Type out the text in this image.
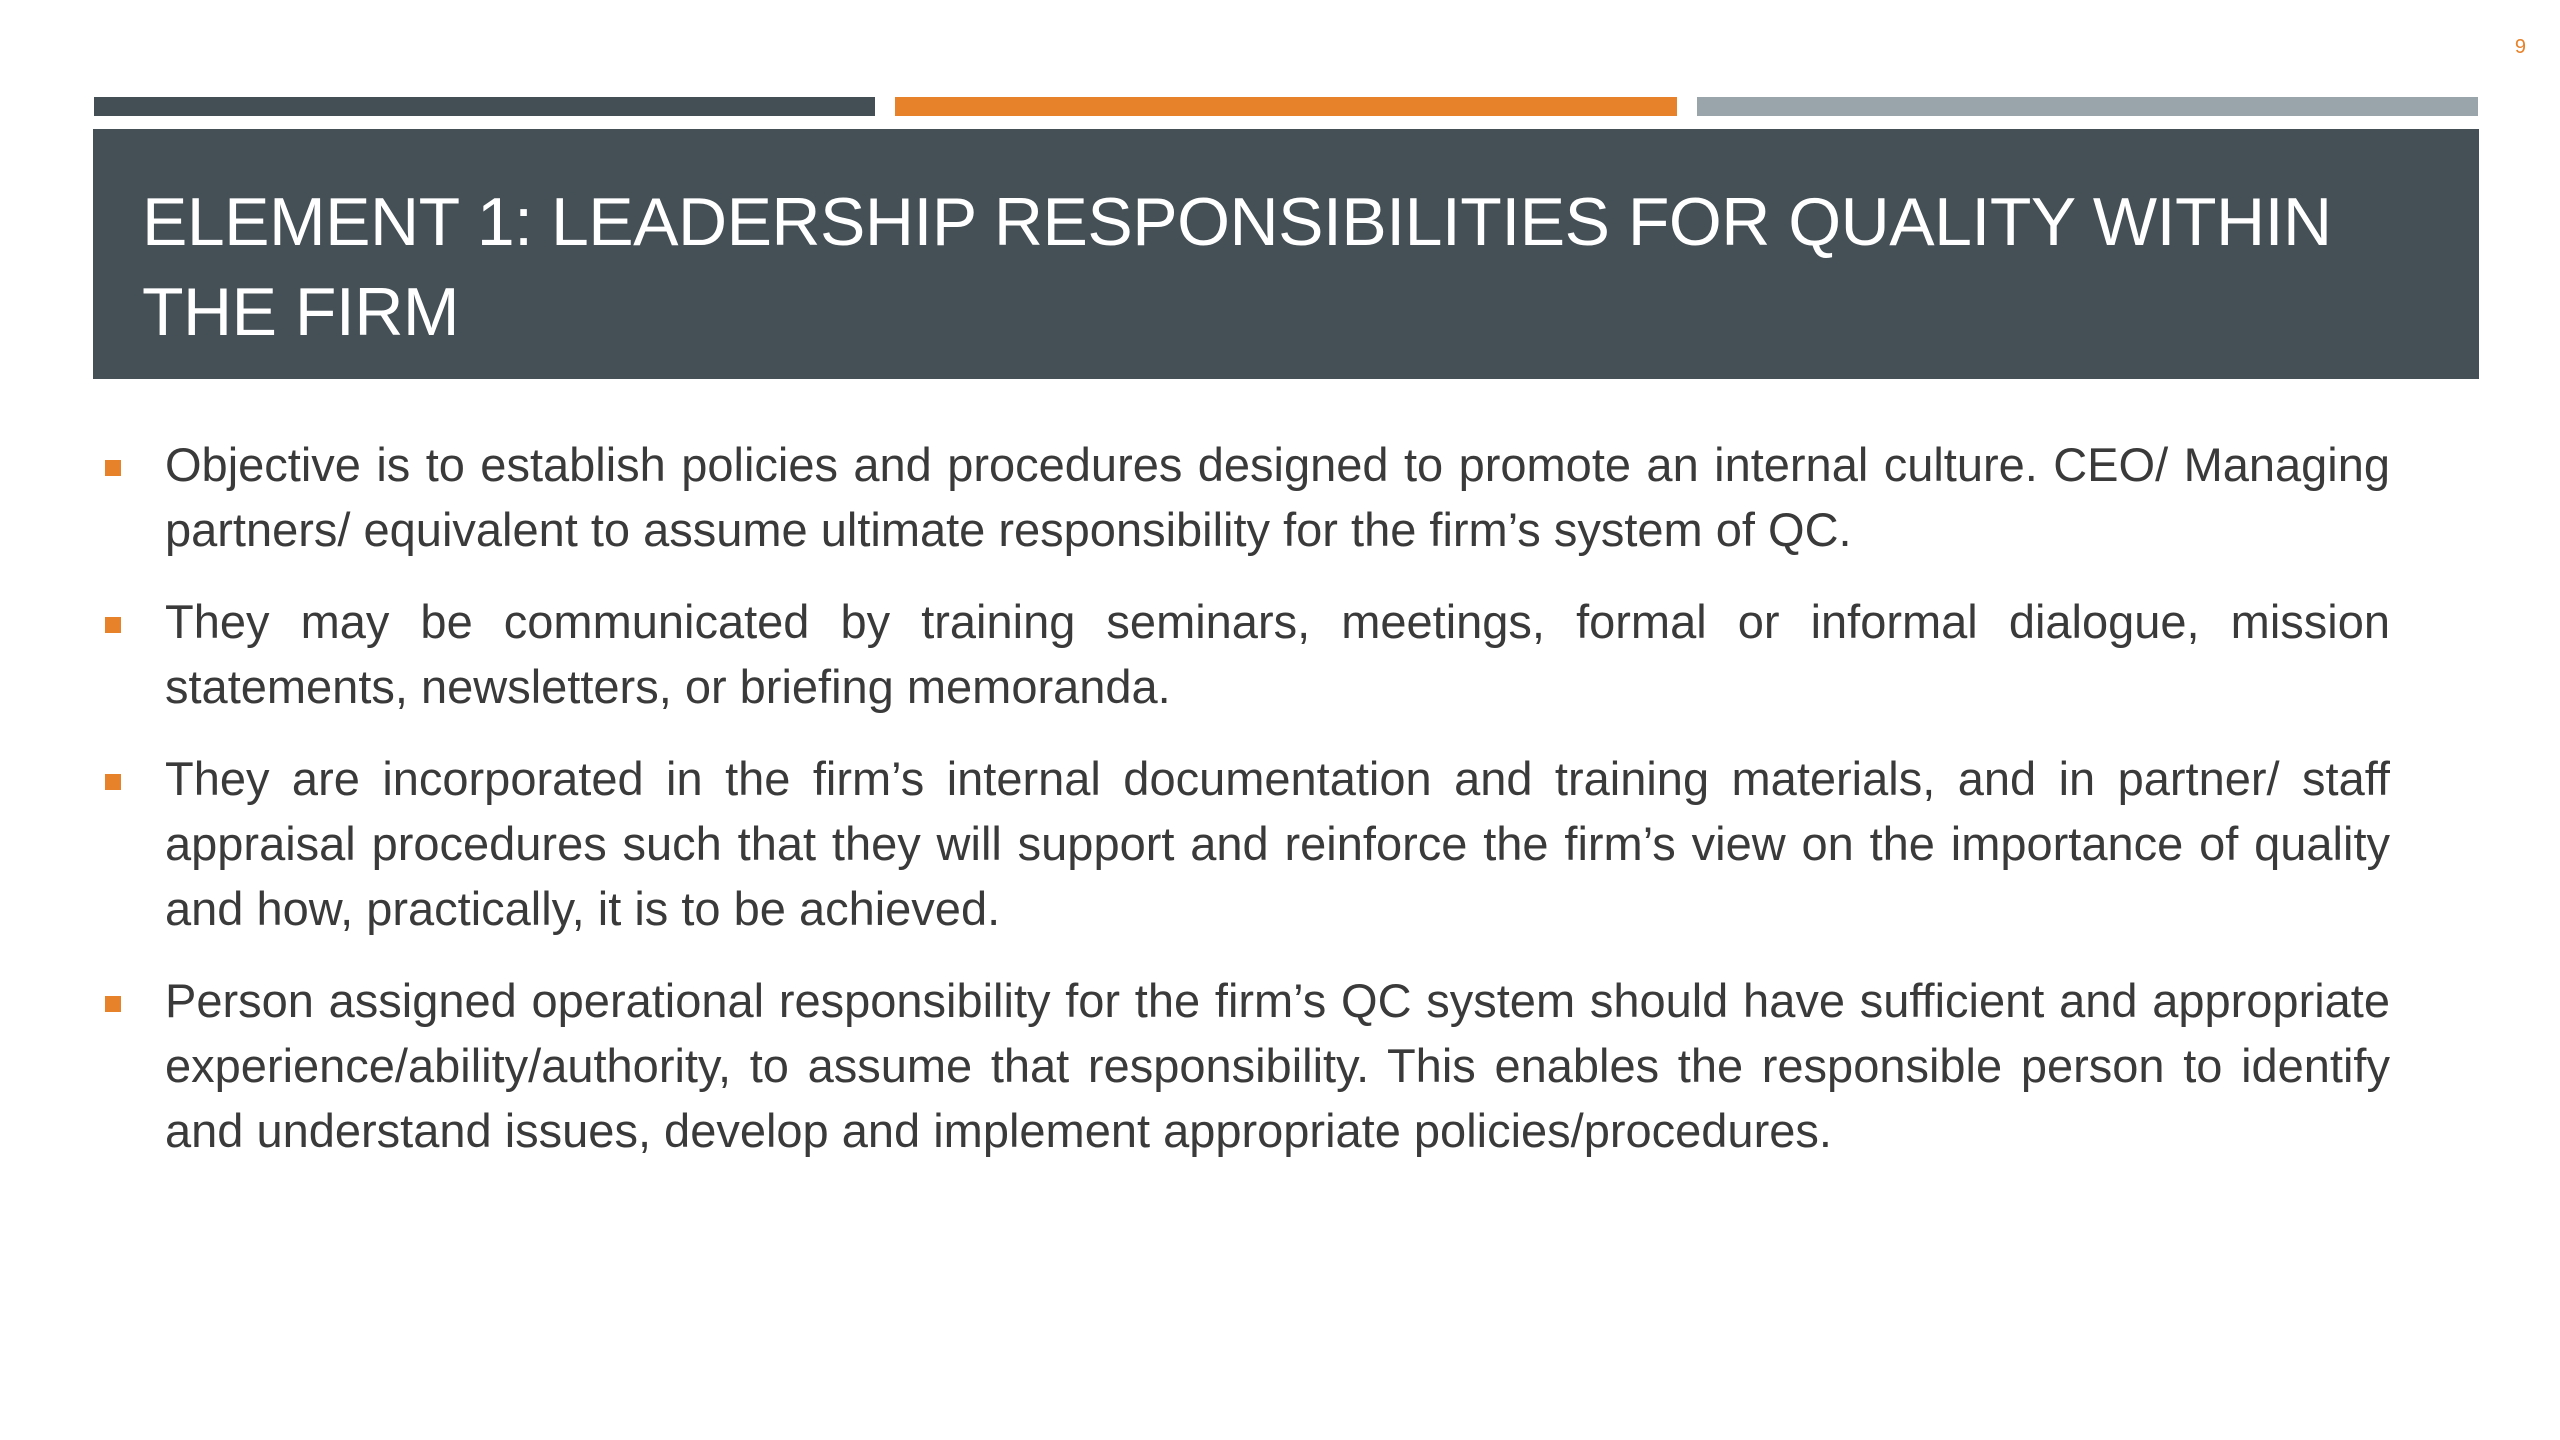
9
ELEMENT 1: LEADERSHIP RESPONSIBILITIES FOR QUALITY WITHIN THE FIRM
Objective is to establish policies and procedures designed to promote an internal culture. CEO/ Managing partners/ equivalent to assume ultimate responsibility for the firm’s system of QC.
They may be communicated by training seminars, meetings, formal or informal dialogue, mission statements, newsletters, or briefing memoranda.
They are incorporated in the firm’s internal documentation and training materials, and in partner/ staff appraisal procedures such that they will support and reinforce the firm’s view on the importance of quality and how, practically, it is to be achieved.
Person assigned operational responsibility for the firm’s QC system should have sufficient and appropriate experience/ability/authority, to assume that responsibility. This enables the responsible person to identify and understand issues, develop and implement appropriate policies/procedures.
